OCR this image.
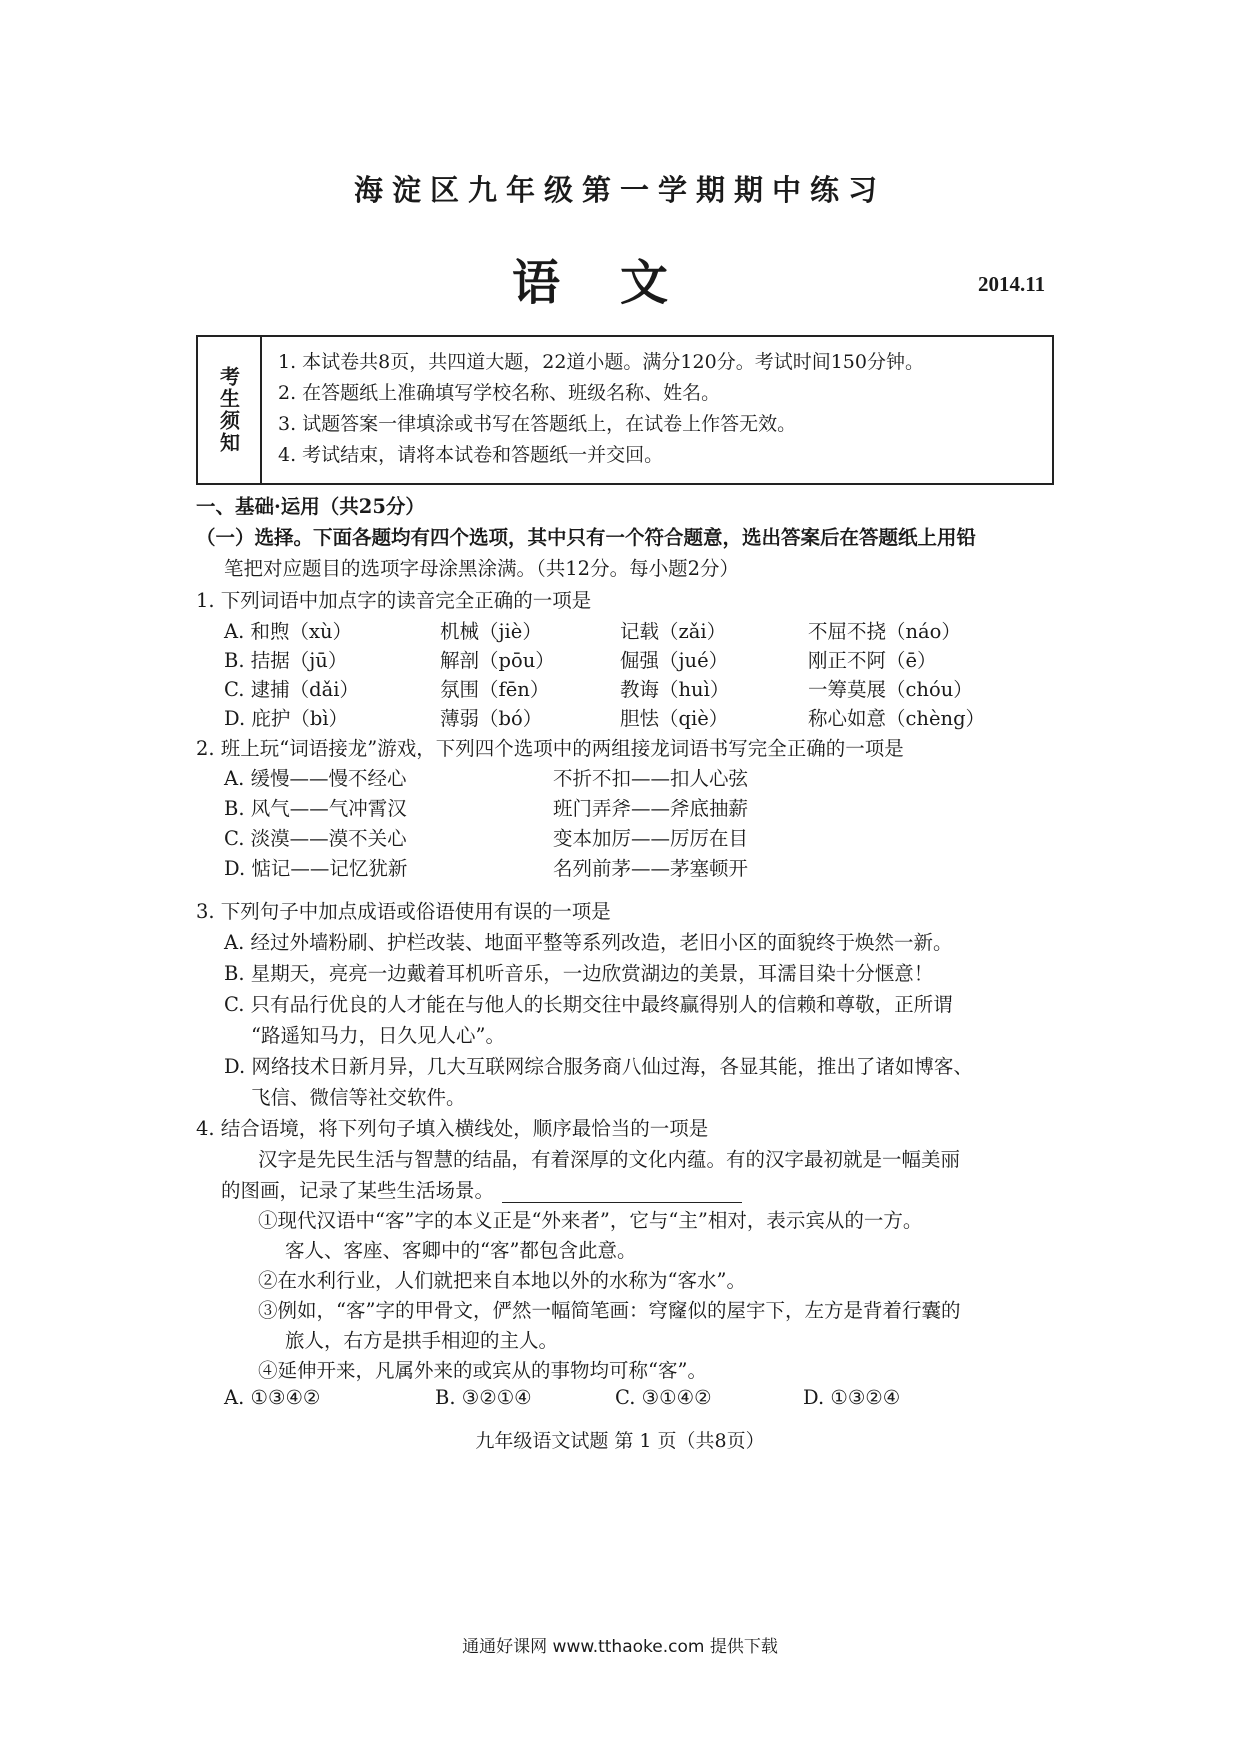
海淀区九年级第一学期期中练习
语文	2014.11
考生须知
1. 本试卷共8页，共四道大题，22道小题。满分120分。考试时间150分钟。
2. 在答题纸上准确填写学校名称、班级名称、姓名。
3. 试题答案一律填涂或书写在答题纸上，在试卷上作答无效。
4. 考试结束，请将本试卷和答题纸一并交回。
一、基础·运用（共25分）
（一）选择。下面各题均有四个选项，其中只有一个符合题意，选出答案后在答题纸上用铅
笔把对应题目的选项字母涂黑涂满。（共12分。每小题2分）
1. 下列词语中加点字的读音完全正确的一项是
A. 和煦（xù）	机械（jiè）	记载（zǎi）	不屈不挠（náo）
B. 拮据（jū）	解剖（pōu）	倔强（jué）	刚正不阿（ē）
C. 逮捕（dǎi）	氛围（fēn）	教诲（huì）	一筹莫展（chóu）
D. 庇护（bì）	薄弱（bó）	胆怯（qiè）	称心如意（chèng）
2. 班上玩“词语接龙”游戏，下列四个选项中的两组接龙词语书写完全正确的一项是
A. 缓慢——慢不经心	不折不扣——扣人心弦
B. 风气——气冲霄汉	班门弄斧——斧底抽薪
C. 淡漠——漠不关心	变本加厉——厉厉在目
D. 惦记——记忆犹新	名列前茅——茅塞顿开
3. 下列句子中加点成语或俗语使用有误的一项是
A. 经过外墙粉刷、护栏改装、地面平整等系列改造，老旧小区的面貌终于焕然一新。
B. 星期天，亮亮一边戴着耳机听音乐，一边欣赏湖边的美景，耳濡目染十分惬意！
C. 只有品行优良的人才能在与他人的长期交往中最终赢得别人的信赖和尊敬，正所谓
“路遥知马力，日久见人心”。
D. 网络技术日新月异，几大互联网综合服务商八仙过海，各显其能，推出了诸如博客、
飞信、微信等社交软件。
4. 结合语境，将下列句子填入横线处，顺序最恰当的一项是
汉字是先民生活与智慧的结晶，有着深厚的文化内蕴。有的汉字最初就是一幅美丽
的图画，记录了某些生活场景。
①现代汉语中“客”字的本义正是“外来者”，它与“主”相对，表示宾从的一方。
客人、客座、客卿中的“客”都包含此意。
②在水利行业，人们就把来自本地以外的水称为“客水”。
③例如，“客”字的甲骨文，俨然一幅简笔画：穹窿似的屋宇下，左方是背着行囊的
旅人，右方是拱手相迎的主人。
④延伸开来，凡属外来的或宾从的事物均可称“客”。
A. ①③④②	B. ③②①④	C. ③①④②	D. ①③②④
九年级语文试题 第 1 页（共8页）
通通好课网 www.tthaoke.com 提供下载
